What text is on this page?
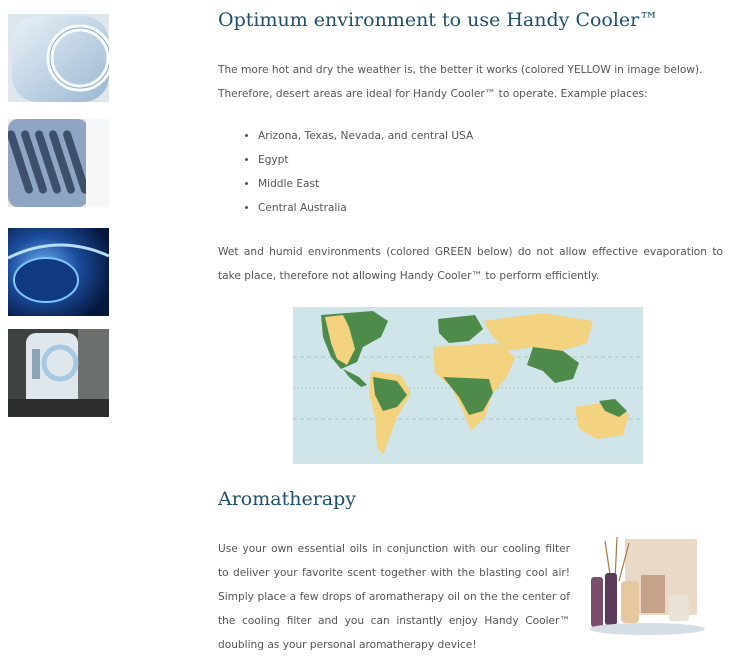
Optimum environment to use Handy Cooler™

The more hot and dry the weather is, the better it works (colored YELLOW in image below). Therefore, desert areas are ideal for Handy Cooler™ to operate. Example places:

• Arizona, Texas, Nevada, and central USA
• Egypt
• Middle East
• Central Australia

Wet and humid environments (colored GREEN below) do not allow effective evaporation to take place, therefore not allowing Handy Cooler™ to perform efficiently.

Aromatherapy

Use your own essential oils in conjunction with our cooling filter to deliver your favorite scent together with the blasting cool air! Simply place a few drops of aromatherapy oil on the the center of the cooling filter and you can instantly enjoy Handy Cooler™ doubling as your personal aromatherapy device!
